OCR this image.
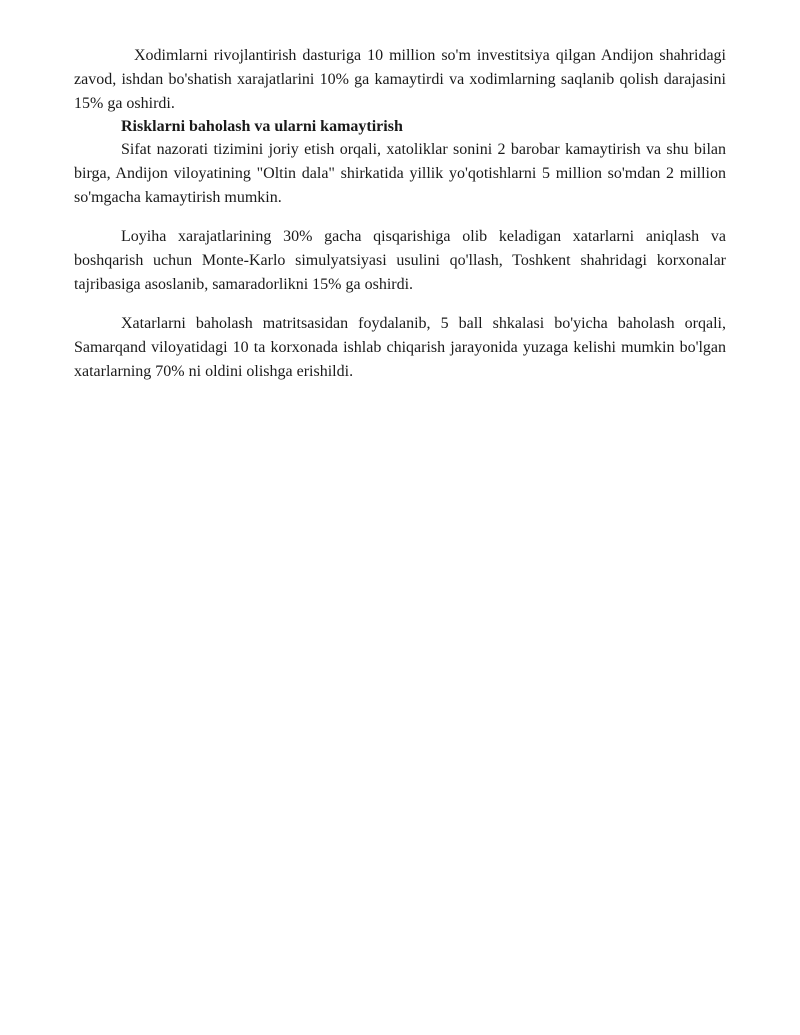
Xodimlarni rivojlantirish dasturiga 10 million so'm investitsiya qilgan Andijon shahridagi zavod, ishdan bo'shatish xarajatlarini 10% ga kamaytirdi va xodimlarning saqlanib qolish darajasini 15% ga oshirdi.

Risklarni baholash va ularni kamaytirish

Sifat nazorati tizimini joriy etish orqali, xatoliklar sonini 2 barobar kamaytirish va shu bilan birga, Andijon viloyatining "Oltin dala" shirkatida yillik yo'qotishlarni 5 million so'mdan 2 million so'mgacha kamaytirish mumkin.

Loyiha xarajatlarining 30% gacha qisqarishiga olib keladigan xatarlarni aniqlash va boshqarish uchun Monte-Karlo simulyatsiyasi usulini qo'llash, Toshkent shahridagi korxonalar tajribasiga asoslanib, samaradorlikni 15% ga oshirdi.

Xatarlarni baholash matritsasidan foydalanib, 5 ball shkalasi bo'yicha baholash orqali, Samarqand viloyatidagi 10 ta korxonada ishlab chiqarish jarayonida yuzaga kelishi mumkin bo'lgan xatarlarning 70% ni oldini olishga erishildi.
